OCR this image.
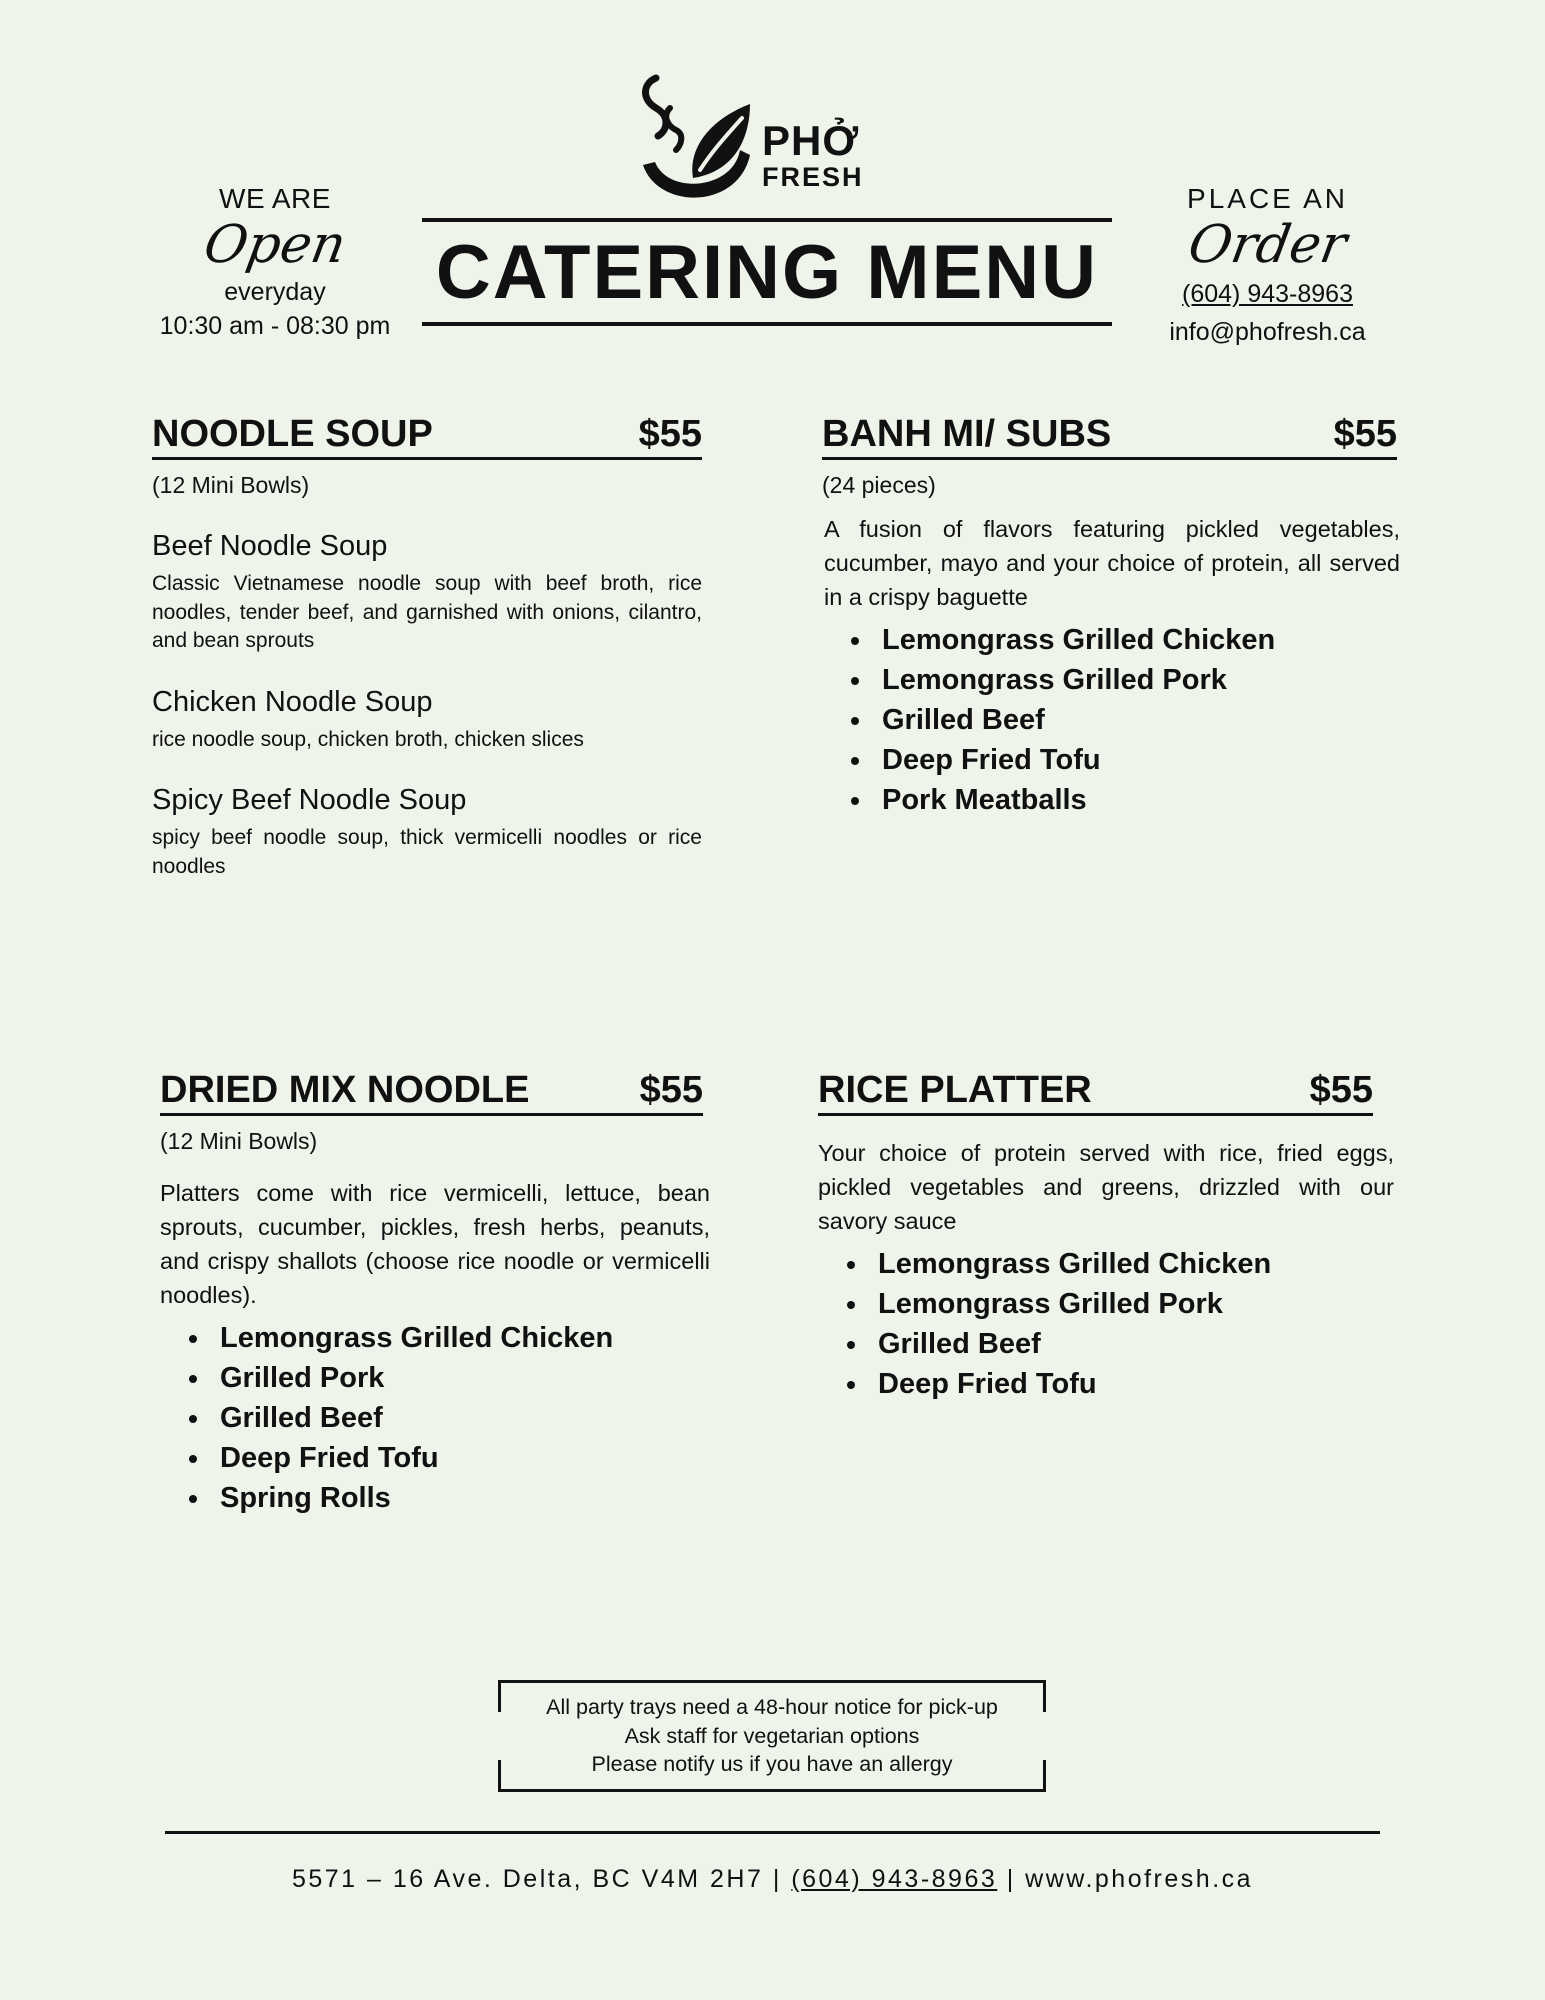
WE ARE
Open
everyday
10:30 am - 08:30 pm
PHỞ
FRESH
CATERING MENU
PLACE AN
Order
(604) 943-8963
info@phofresh.ca
NOODLE SOUP	$55
(12 Mini Bowls)
Beef Noodle Soup
Classic Vietnamese noodle soup with beef broth, rice noodles, tender beef, and garnished with onions, cilantro, and bean sprouts
Chicken Noodle Soup
rice noodle soup, chicken broth, chicken slices
Spicy Beef Noodle Soup
spicy beef noodle soup, thick vermicelli noodles or rice noodles
BANH MI/ SUBS	$55
(24 pieces)
A fusion of flavors featuring pickled vegetables, cucumber, mayo and your choice of protein, all served in a crispy baguette
• Lemongrass Grilled Chicken
• Lemongrass Grilled Pork
• Grilled Beef
• Deep Fried Tofu
• Pork Meatballs
DRIED MIX NOODLE	$55
(12 Mini Bowls)
Platters come with rice vermicelli, lettuce, bean sprouts, cucumber, pickles, fresh herbs, peanuts, and crispy shallots (choose rice noodle or vermicelli noodles).
• Lemongrass Grilled Chicken
• Grilled Pork
• Grilled Beef
• Deep Fried Tofu
• Spring Rolls
RICE PLATTER	$55
Your choice of protein served with rice, fried eggs, pickled vegetables and greens, drizzled with our savory sauce
• Lemongrass Grilled Chicken
• Lemongrass Grilled Pork
• Grilled Beef
• Deep Fried Tofu
All party trays need a 48-hour notice for pick-up
Ask staff for vegetarian options
Please notify us if you have an allergy
5571 – 16 Ave. Delta, BC V4M 2H7 | (604) 943-8963 | www.phofresh.ca
